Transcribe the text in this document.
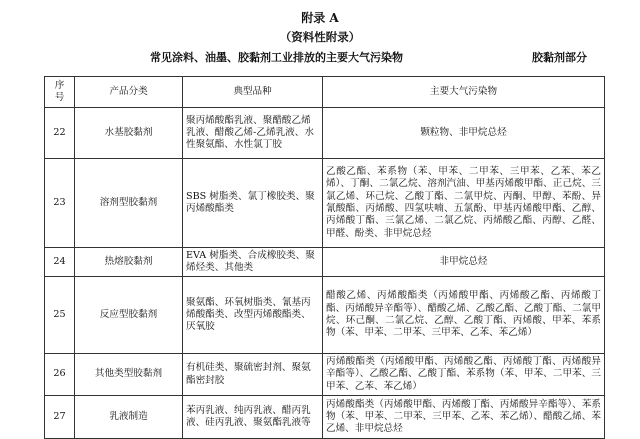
附录 A
（资料性附录）
常见涂料、油墨、胶黏剂工业排放的主要大气污染物	胶黏剂部分
序
号	产品分类	典型品种	主要大气污染物
22	水基胶黏剂	聚丙烯酸酯乳液、聚醋酸乙烯乳液、醋酸乙烯-乙烯乳液、水性聚氨酯、水性氯丁胶	颗粒物、非甲烷总烃
23	溶剂型胶黏剂	SBS 树脂类、氯丁橡胶类、聚丙烯酸酯类	乙酸乙酯、苯系物（苯、甲苯、二甲苯、三甲苯、乙苯、苯乙烯）、丁酮、二氯乙烷、溶剂汽油、甲基丙烯酸甲酯、正己烷、三氯乙烯、环己烷、乙酸丁酯、二氯甲烷、丙酮、甲醇、苯酚、异氰酸酯、丙烯酸、四氢呋喃、五氯酚、甲基丙烯酸甲酯、乙醇、丙烯酸丁酯、三氯乙烯、二氯乙烷、丙烯酸乙酯、丙醇、乙醛、甲醛、酚类、非甲烷总烃
24	热熔胶黏剂	EVA 树脂类、合成橡胶类、聚烯烃类、其他类	非甲烷总烃
25	反应型胶黏剂	聚氨酯、环氧树脂类、氰基丙烯酸酯类、改型丙烯酸酯类、厌氧胶	醋酸乙烯、丙烯酸酯类（丙烯酸甲酯、丙烯酸乙酯、丙烯酸丁酯、丙烯酸异辛酯等）、醋酸乙烯、乙酸乙酯、乙酸丁酯、二氯甲烷、环己酮、二氯乙烷、乙醇、乙酸丁酯、丙烯酸、甲苯、苯系物（苯、甲苯、二甲苯、三甲苯、乙苯、苯乙烯）
26	其他类型胶黏剂	有机硅类、聚硫密封剂、聚氨酯密封胶	丙烯酸酯类（丙烯酸甲酯、丙烯酸乙酯、丙烯酸丁酯、丙烯酸异辛酯等）、乙酸乙酯、乙酸丁酯、苯系物（苯、甲苯、二甲苯、三甲苯、乙苯、苯乙烯）
27	乳液制造	苯丙乳液、纯丙乳液、醋丙乳液、硅丙乳液、聚氨酯乳液等	丙烯酸酯类（丙烯酸甲酯、丙烯酸丁酯、丙烯酸异辛酯等）、苯系物（苯、甲苯、二甲苯、三甲苯、乙苯、苯乙烯）、醋酸乙烯、苯乙烯、非甲烷总烃
